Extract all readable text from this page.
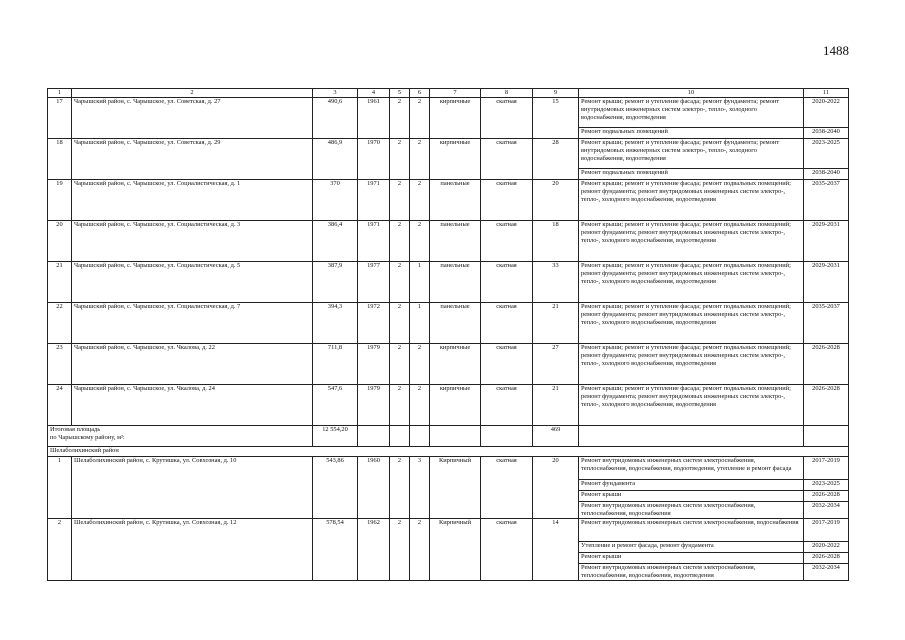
1488
1	2	3	4	5	6	7	8	9	10	11
17	Чарышский район, с. Чарышское, ул. Советская, д. 27	490,6	1961	2	2	кирпичные	скатная	15	Ремонт крыши; ремонт и утепление фасада; ремонт фундамента; ремонт внутридомовых инженерных систем электро-, тепло-, холодного водоснабжения, водоотведения	2020-2022
									Ремонт подвальных помещений	2038-2040
18	Чарышский район, с. Чарышское, ул. Советская, д. 29	486,9	1970	2	2	кирпичные	скатная	28	Ремонт крыши; ремонт и утепление фасада; ремонт фундамента; ремонт внутридомовых инженерных систем электро-, тепло-, холодного водоснабжения, водоотведения	2023-2025
									Ремонт подвальных помещений	2038-2040
19	Чарышский район, с. Чарышское, ул. Социалистическая, д. 1	370	1971	2	2	панельные	скатная	20	Ремонт крыши; ремонт и утепление фасада; ремонт подвальных помещений; ремонт фундамента; ремонт внутридомовых инженерных систем электро-, тепло-, холодного водоснабжения, водоотведения	2035-2037
20	Чарышский район, с. Чарышское, ул. Социалистическая, д. 3	386,4	1971	2	2	панельные	скатная	18	Ремонт крыши; ремонт и утепление фасада; ремонт подвальных помещений; ремонт фундамента; ремонт внутридомовых инженерных систем электро-, тепло-, холодного водоснабжения, водоотведения	2029-2031
21	Чарышский район, с. Чарышское, ул. Социалистическая, д. 5	387,9	1977	2	1	панельные	скатная	33	Ремонт крыши; ремонт и утепление фасада; ремонт подвальных помещений; ремонт фундамента; ремонт внутридомовых инженерных систем электро-, тепло-, холодного водоснабжения, водоотведения	2029-2031
22	Чарышский район, с. Чарышское, ул. Социалистическая, д. 7	394,3	1972	2	1	панельные	скатная	21	Ремонт крыши; ремонт и утепление фасада; ремонт подвальных помещений; ремонт фундамента; ремонт внутридомовых инженерных систем электро-, тепло-, холодного водоснабжения, водоотведения	2035-2037
23	Чарышский район, с. Чарышское, ул. Чкалова, д. 22	711,8	1979	2	2	кирпичные	скатная	27	Ремонт крыши; ремонт и утепление фасада; ремонт подвальных помещений; ремонт фундамента; ремонт внутридомовых инженерных систем электро-, тепло-, холодного водоснабжения, водоотведения	2026-2028
24	Чарышский район, с. Чарышское, ул. Чкалова, д. 24	547,6	1979	2	2	кирпичные	скатная	21	Ремонт крыши; ремонт и утепление фасада; ремонт подвальных помещений; ремонт фундамента; ремонт внутридомовых инженерных систем электро-, тепло-, холодного водоснабжения, водоотведения	2026-2028
Итоговая площадь
по Чарышскому району, м²:		12 554,20						469		
Шелаболихинский район										
1	Шелаболихинский район, с. Крутишка, ул. Совхозная, д. 10	543,86	1960	2	3	Кирпичный	скатная	20	Ремонт внутридомовых инженерных систем электроснабжения, теплоснабжения, водоснабжения, водоотведения, утепление и ремонт фасада	2017-2019
									Ремонт фундамента	2023-2025
									Ремонт крыши	2026-2028
									Ремонт внутридомовых инженерных систем электроснабжения, теплоснабжения, водоснабжения	2032-2034
2	Шелаболихинский район, с. Крутишка, ул. Совхозная, д. 12	578,54	1962	2	2	Кирпичный	скатная	14	Ремонт внутридомовых инженерных систем электроснабжения, водоснабжения	2017-2019
									Утепление и ремонт фасада, ремонт фундамента	2020-2022
									Ремонт крыши	2026-2028
									Ремонт внутридомовых инженерных систем электроснабжения, теплоснабжения, водоснабжения, водоотведения	2032-2034
